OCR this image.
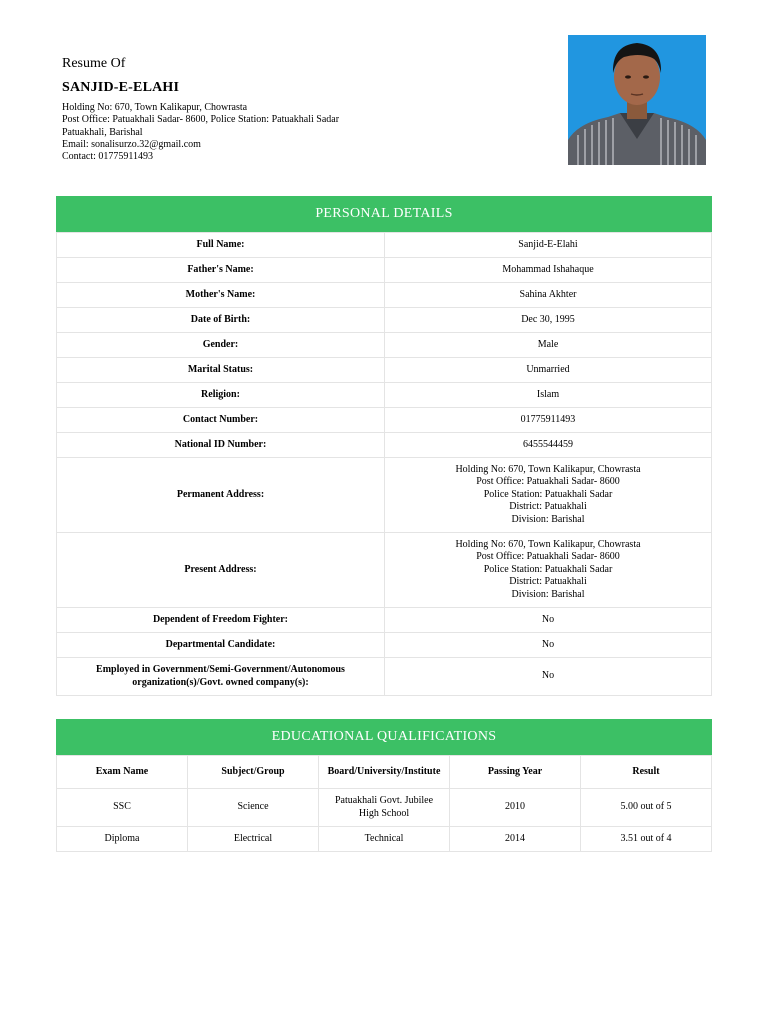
Resume Of
SANJID-E-ELAHI
Holding No: 670, Town Kalikapur, Chowrasta
Post Office: Patuakhali Sadar- 8600, Police Station: Patuakhali Sadar
Patuakhali, Barishal
Email: sonalisurzo.32@gmail.com
Contact: 01775911493
PERSONAL DETAILS
Full Name:	Sanjid-E-Elahi
Father's Name:	Mohammad Ishahaque
Mother's Name:	Sahina Akhter
Date of Birth:	Dec 30, 1995
Gender:	Male
Marital Status:	Unmarried
Religion:	Islam
Contact Number:	01775911493
National ID Number:	6455544459
Permanent Address:	Holding No: 670, Town Kalikapur, Chowrasta
Post Office: Patuakhali Sadar- 8600
Police Station: Patuakhali Sadar
District: Patuakhali
Division: Barishal

Present Address:	Holding No: 670, Town Kalikapur, Chowrasta
Post Office: Patuakhali Sadar- 8600
Police Station: Patuakhali Sadar
District: Patuakhali
Division: Barishal

Dependent of Freedom Fighter:	No
Departmental Candidate:	No

Employed in Government/Semi-Government/Autonomous
organization(s)/Govt. owned company(s):	No
EDUCATIONAL QUALIFICATIONS
Exam Name	Subject/Group	Board/University/Institute	Passing Year	Result
SSC	Science	Patuakhali Govt. Jubilee
High School	2010	5.00 out of 5
Diploma	Electrical	Technical	2014	3.51 out of 4
